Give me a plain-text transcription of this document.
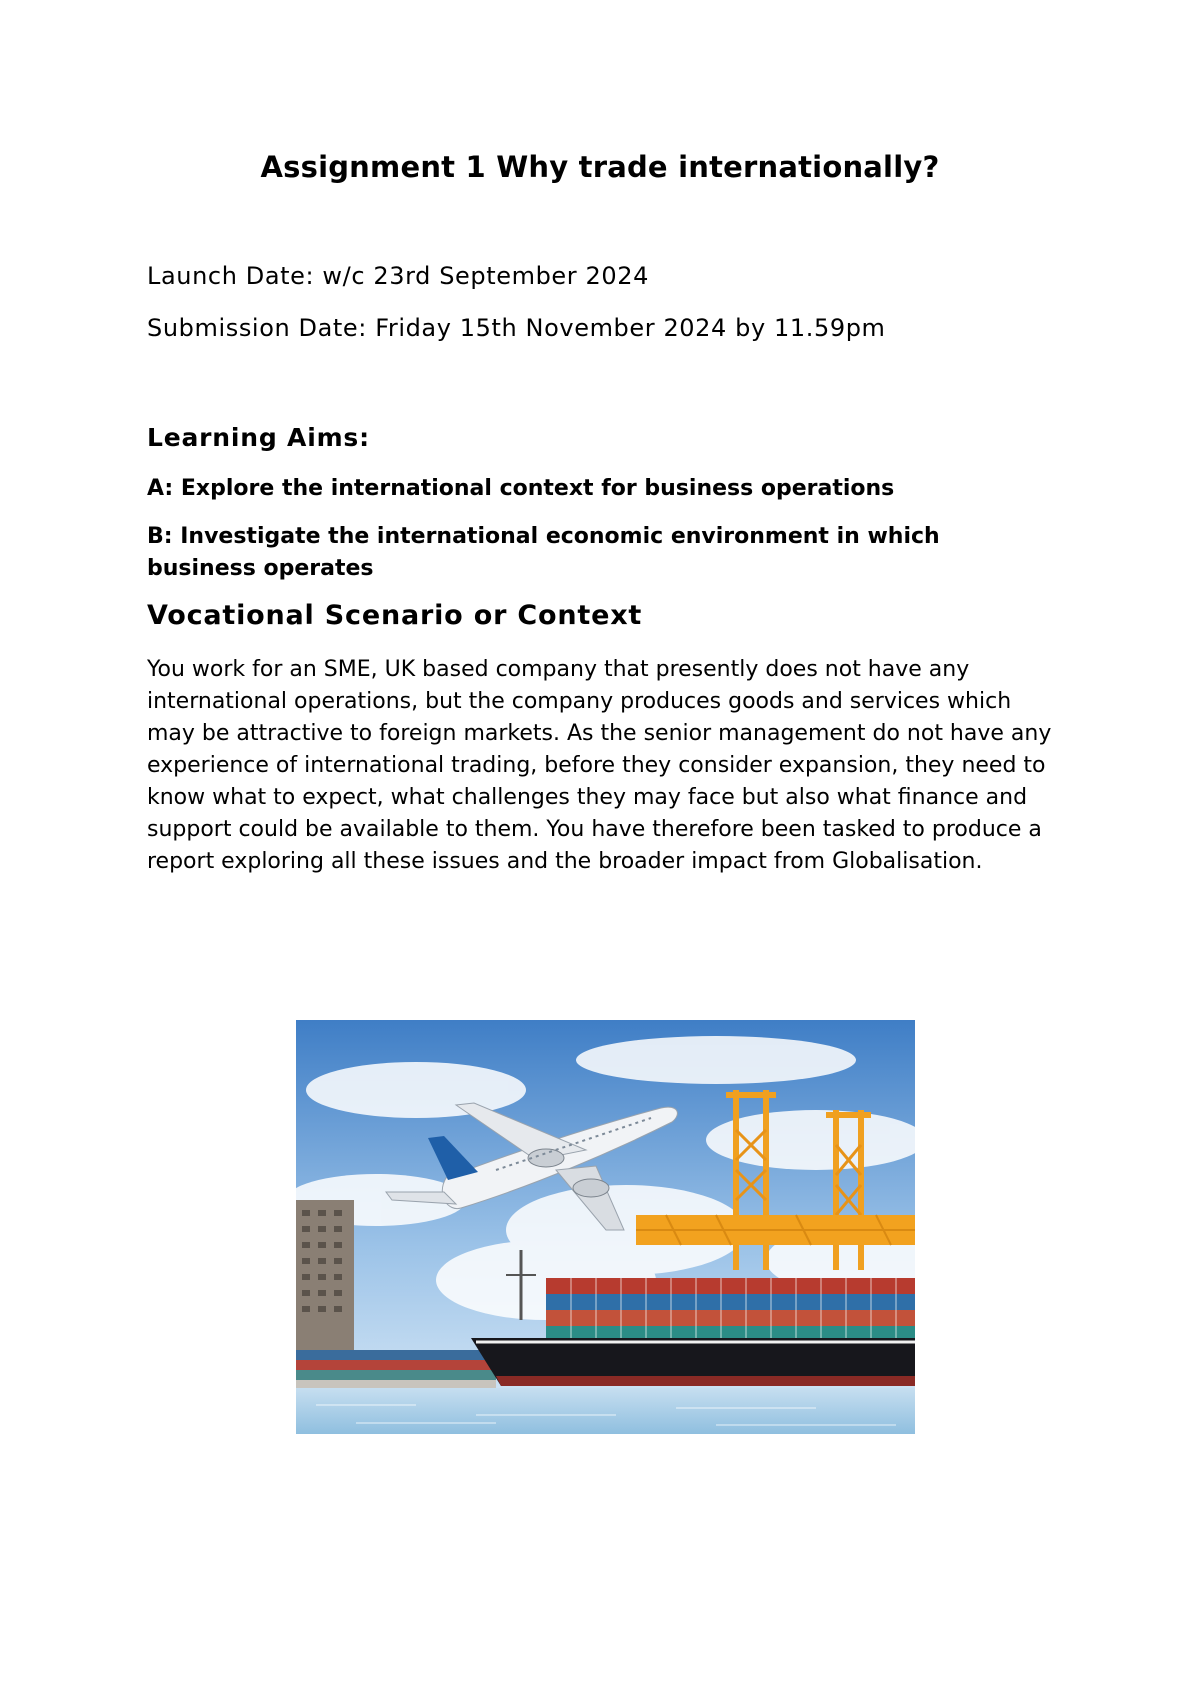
Assignment 1 Why trade internationally?

Launch Date: w/c 23rd September 2024

Submission Date: Friday 15th November 2024 by 11.59pm

Learning Aims:

A: Explore the international context for business operations

B: Investigate the international economic environment in which business operates

Vocational Scenario or Context

You work for an SME, UK based company that presently does not have any international operations, but the company produces goods and services which may be attractive to foreign markets. As the senior management do not have any experience of international trading, before they consider expansion, they need to know what to expect, what challenges they may face but also what finance and support could be available to them. You have therefore been tasked to produce a report exploring all these issues and the broader impact from Globalisation.
